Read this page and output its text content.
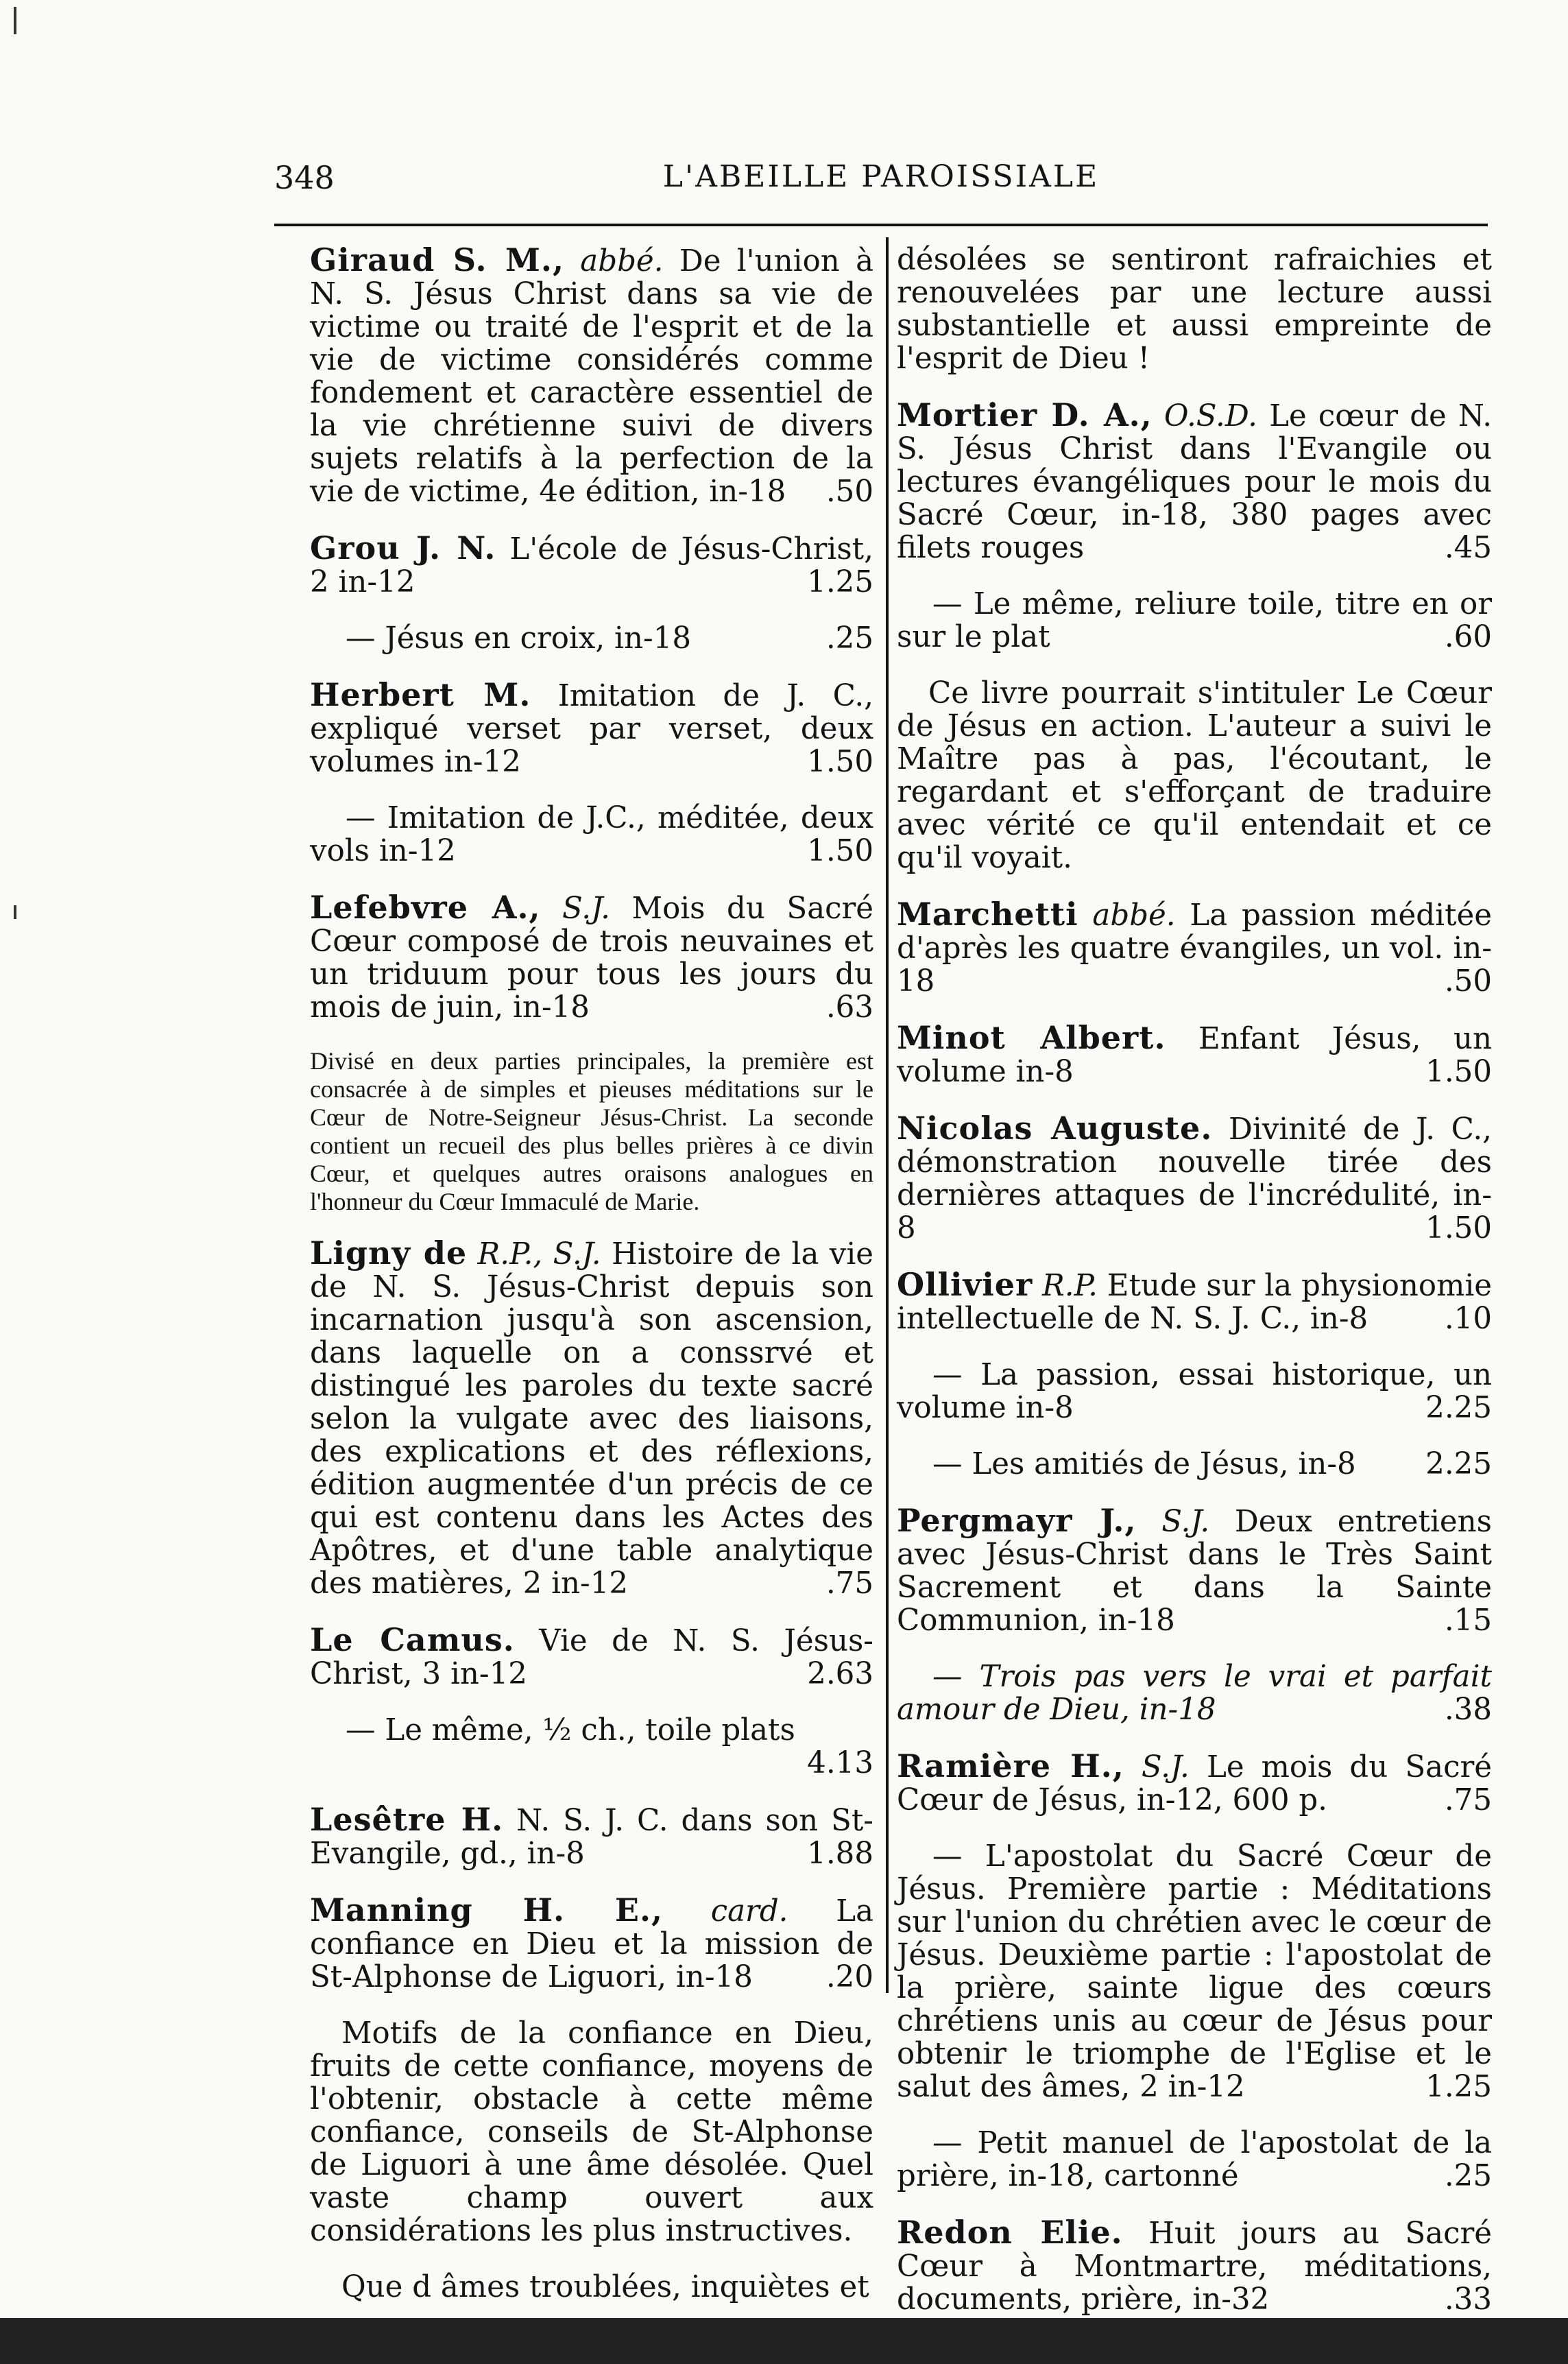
348	L'ABEILLE PAROISSIALE
Giraud S. M., abbé. De l'union à N. S. Jésus Christ dans sa vie de victime ou traité de l'esprit et de la vie de victime considérés comme fondement et caractère essentiel de la vie chrétienne suivi de divers sujets relatifs à la perfection de la vie de victime, 4e édition, in-18	.50
Grou J. N. L'école de Jésus-Christ, 2 in-12	1.25
— Jésus en croix, in-18	.25
Herbert M. Imitation de J. C., expliqué verset par verset, deux volumes in-12	1.50
— Imitation de J.C., méditée, deux vols in-12	1.50
Lefebvre A., S.J. Mois du Sacré Cœur composé de trois neuvaines et un triduum pour tous les jours du mois de juin, in-18	.63
Divisé en deux parties principales, la première est consacrée à de simples et pieuses méditations sur le Cœur de Notre-Seigneur Jésus-Christ. La seconde contient un recueil des plus belles prières à ce divin Cœur, et quelques autres oraisons analogues en l'honneur du Cœur Immaculé de Marie.
Ligny de R.P., S.J. Histoire de la vie de N. S. Jésus-Christ depuis son incarnation jusqu'à son ascension, dans laquelle on a conssrvé et distingué les paroles du texte sacré selon la vulgate avec des liaisons, des explications et des réflexions, édition augmentée d'un précis de ce qui est contenu dans les Actes des Apôtres, et d'une table analytique des matières, 2 in-12	.75
Le Camus. Vie de N. S. Jésus-Christ, 3 in-12	2.63
— Le même, ½ ch., toile plats
4.13
Lesêtre H. N. S. J. C. dans son St-Evangile, gd., in-8	1.88
Manning H. E., card. La confiance en Dieu et la mission de St-Alphonse de Liguori, in-18	.20
Motifs de la confiance en Dieu, fruits de cette confiance, moyens de l'obtenir, obstacle à cette même confiance, conseils de St-Alphonse de Liguori à une âme désolée. Quel vaste champ ouvert aux considérations les plus instructives.
Que d âmes troublées, inquiètes et
désolées se sentiront rafraichies et renouvelées par une lecture aussi substantielle et aussi empreinte de l'esprit de Dieu !
Mortier D. A., O.S.D. Le cœur de N. S. Jésus Christ dans l'Evangile ou lectures évangéliques pour le mois du Sacré Cœur, in-18, 380 pages avec filets rouges	.45
— Le même, reliure toile, titre en or sur le plat	.60
Ce livre pourrait s'intituler Le Cœur de Jésus en action. L'auteur a suivi le Maître pas à pas, l'écoutant, le regardant et s'efforçant de traduire avec vérité ce qu'il entendait et ce qu'il voyait.
Marchetti abbé. La passion méditée d'après les quatre évangiles, un vol. in-18	.50
Minot Albert. Enfant Jésus, un volume in-8	1.50
Nicolas Auguste. Divinité de J. C., démonstration nouvelle tirée des dernières attaques de l'incrédulité, in-8	1.50
Ollivier R.P. Etude sur la physionomie intellectuelle de N. S. J. C., in-8	.10
— La passion, essai historique, un volume in-8	2.25
— Les amitiés de Jésus, in-8	2.25
Pergmayr J., S.J. Deux entretiens avec Jésus-Christ dans le Très Saint Sacrement et dans la Sainte Communion, in-18	.15
— Trois pas vers le vrai et parfait amour de Dieu, in-18	.38
Ramière H., S.J. Le mois du Sacré Cœur de Jésus, in-12, 600 p.	.75
— L'apostolat du Sacré Cœur de Jésus. Première partie : Méditations sur l'union du chrétien avec le cœur de Jésus. Deuxième partie : l'apostolat de la prière, sainte ligue des cœurs chrétiens unis au cœur de Jésus pour obtenir le triomphe de l'Eglise et le salut des âmes, 2 in-12	1.25
— Petit manuel de l'apostolat de la prière, in-18, cartonné	.25
Redon Elie. Huit jours au Sacré Cœur à Montmartre, méditations, documents, prière, in-32	.33
